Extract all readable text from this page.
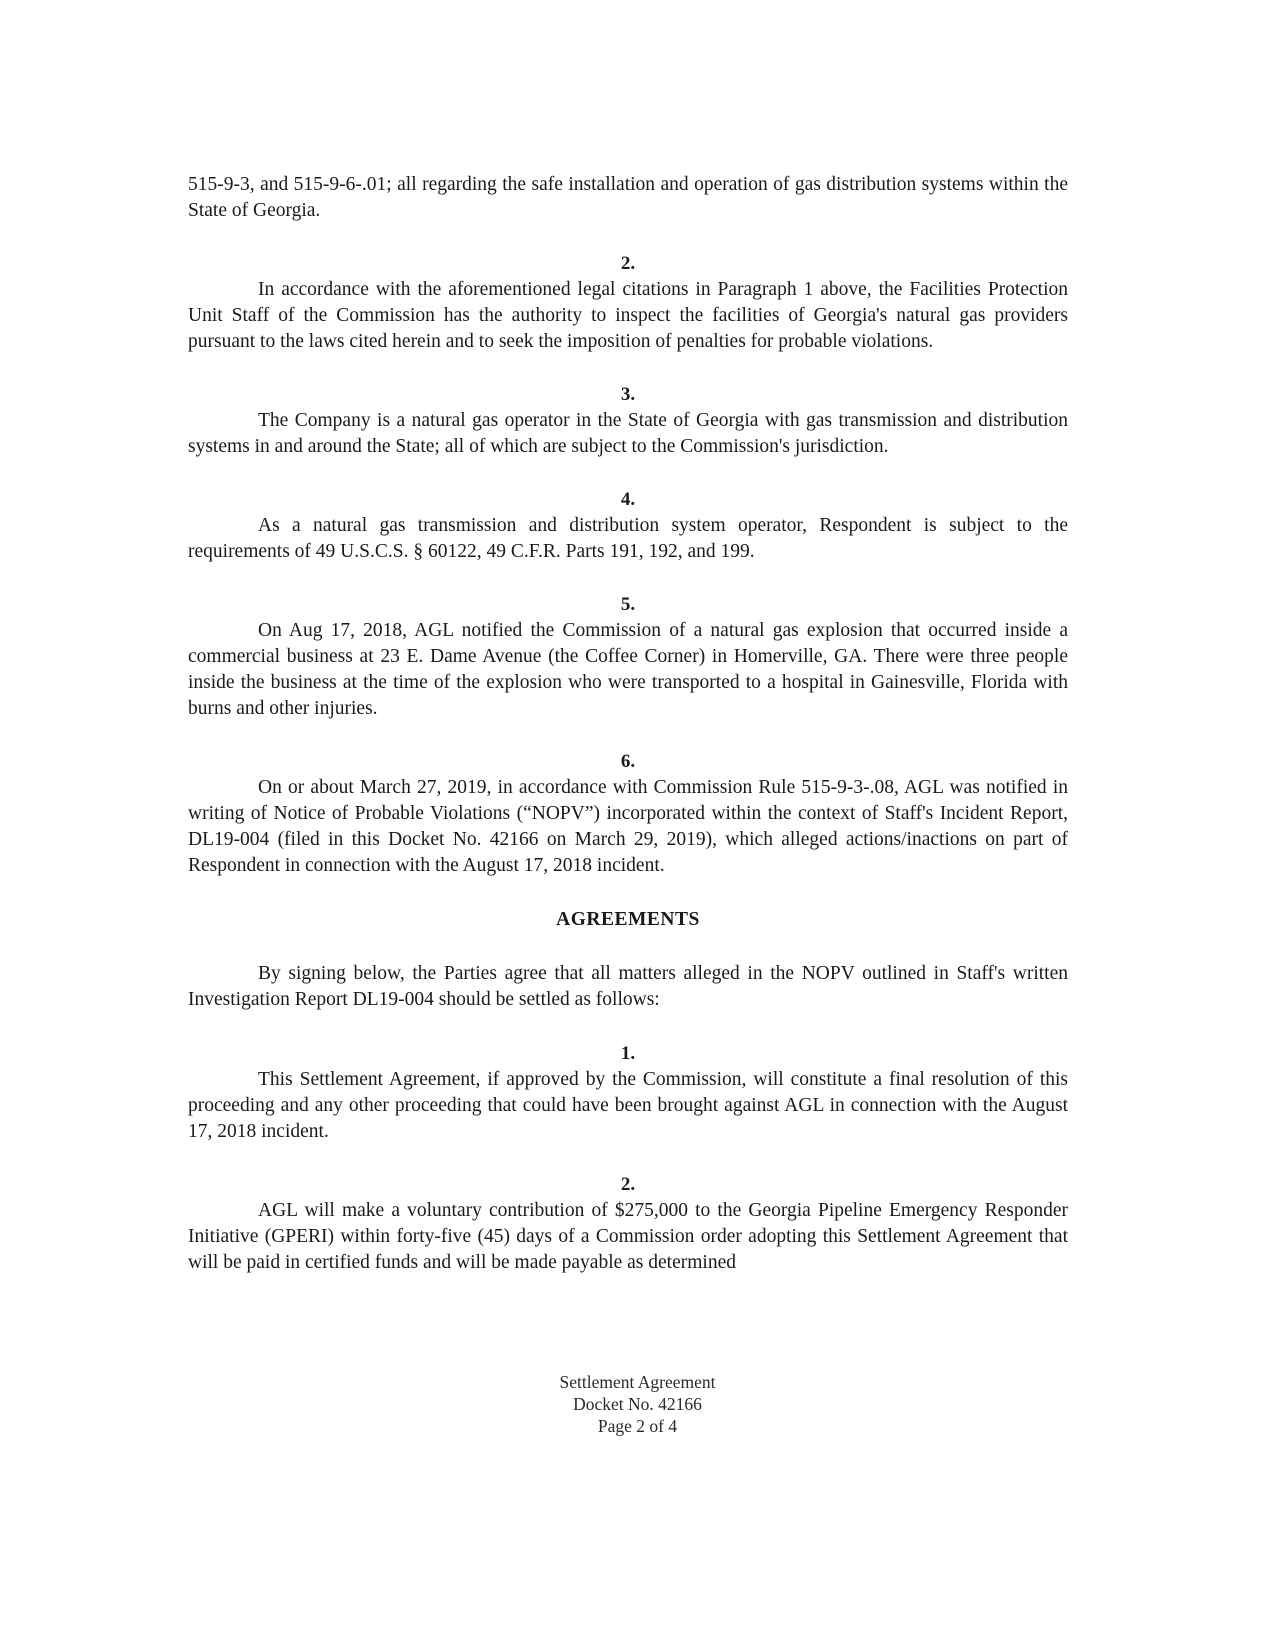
515-9-3, and 515-9-6-.01; all regarding the safe installation and operation of gas distribution systems within the State of Georgia.

2.

In accordance with the aforementioned legal citations in Paragraph 1 above, the Facilities Protection Unit Staff of the Commission has the authority to inspect the facilities of Georgia's natural gas providers pursuant to the laws cited herein and to seek the imposition of penalties for probable violations.

3.

The Company is a natural gas operator in the State of Georgia with gas transmission and distribution systems in and around the State; all of which are subject to the Commission's jurisdiction.

4.

As a natural gas transmission and distribution system operator, Respondent is subject to the requirements of 49 U.S.C.S. § 60122, 49 C.F.R. Parts 191, 192, and 199.

5.

On Aug 17, 2018, AGL notified the Commission of a natural gas explosion that occurred inside a commercial business at 23 E. Dame Avenue (the Coffee Corner) in Homerville, GA. There were three people inside the business at the time of the explosion who were transported to a hospital in Gainesville, Florida with burns and other injuries.

6.

On or about March 27, 2019, in accordance with Commission Rule 515-9-3-.08, AGL was notified in writing of Notice of Probable Violations (“NOPV”) incorporated within the context of Staff's Incident Report, DL19-004 (filed in this Docket No. 42166 on March 29, 2019), which alleged actions/inactions on part of Respondent in connection with the August 17, 2018 incident.

AGREEMENTS

By signing below, the Parties agree that all matters alleged in the NOPV outlined in Staff's written Investigation Report DL19-004 should be settled as follows:

1.

This Settlement Agreement, if approved by the Commission, will constitute a final resolution of this proceeding and any other proceeding that could have been brought against AGL in connection with the August 17, 2018 incident.

2.

AGL will make a voluntary contribution of $275,000 to the Georgia Pipeline Emergency Responder Initiative (GPERI) within forty-five (45) days of a Commission order adopting this Settlement Agreement that will be paid in certified funds and will be made payable as determined

Settlement Agreement
Docket No. 42166
Page 2 of 4
